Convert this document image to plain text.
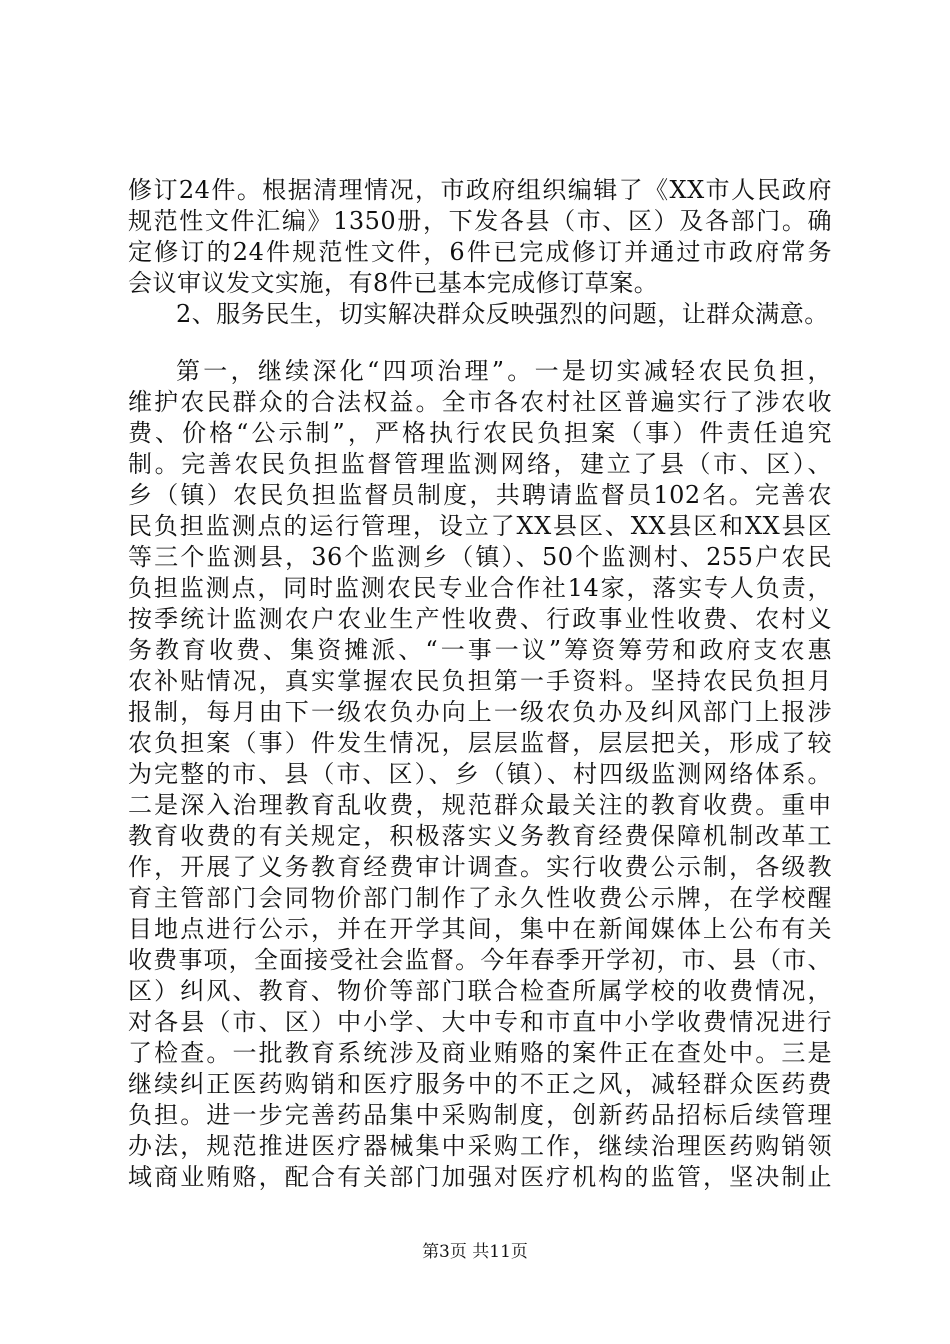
修订24件。根据清理情况，市政府组织编辑了《XX市人民政府
规范性文件汇编》1350册，下发各县（市、区）及各部门。确
定修订的24件规范性文件，6件已完成修订并通过市政府常务
会议审议发文实施，有8件已基本完成修订草案。
2、服务民生，切实解决群众反映强烈的问题，让群众满意。
第一，继续深化“四项治理”。一是切实减轻农民负担，
维护农民群众的合法权益。全市各农村社区普遍实行了涉农收
费、价格“公示制”，严格执行农民负担案（事）件责任追究
制。完善农民负担监督管理监测网络，建立了县（市、区）、
乡（镇）农民负担监督员制度，共聘请监督员102名。完善农
民负担监测点的运行管理，设立了XX县区、XX县区和XX县区
等三个监测县，36个监测乡（镇）、50个监测村、255户农民
负担监测点，同时监测农民专业合作社14家，落实专人负责，
按季统计监测农户农业生产性收费、行政事业性收费、农村义
务教育收费、集资摊派、“一事一议”筹资筹劳和政府支农惠
农补贴情况，真实掌握农民负担第一手资料。坚持农民负担月
报制，每月由下一级农负办向上一级农负办及纠风部门上报涉
农负担案（事）件发生情况，层层监督，层层把关，形成了较
为完整的市、县（市、区）、乡（镇）、村四级监测网络体系。
二是深入治理教育乱收费，规范群众最关注的教育收费。重申
教育收费的有关规定，积极落实义务教育经费保障机制改革工
作，开展了义务教育经费审计调查。实行收费公示制，各级教
育主管部门会同物价部门制作了永久性收费公示牌，在学校醒
目地点进行公示，并在开学其间，集中在新闻媒体上公布有关
收费事项，全面接受社会监督。今年春季开学初，市、县（市、
区）纠风、教育、物价等部门联合检查所属学校的收费情况，
对各县（市、区）中小学、大中专和市直中小学收费情况进行
了检查。一批教育系统涉及商业贿赂的案件正在查处中。三是
继续纠正医药购销和医疗服务中的不正之风，减轻群众医药费
负担。进一步完善药品集中采购制度，创新药品招标后续管理
办法，规范推进医疗器械集中采购工作，继续治理医药购销领
域商业贿赂，配合有关部门加强对医疗机构的监管，坚决制止
第3页 共11页
